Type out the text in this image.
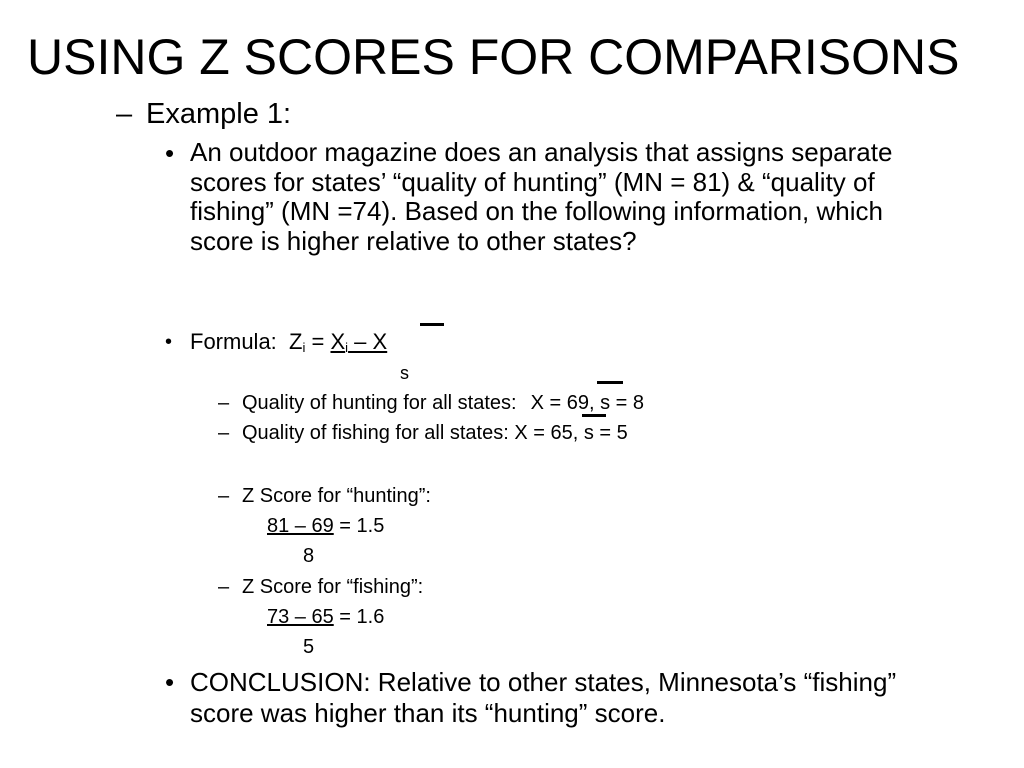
USING Z SCORES FOR COMPARISONS
– Example 1:
• An outdoor magazine does an analysis that assigns separate scores for states’ “quality of hunting” (MN = 81) & “quality of fishing” (MN =74). Based on the following information, which score is higher relative to other states?
• Formula: $Z_i = X_i - X$
s
– Quality of hunting for all states: X = 69, s = 8
– Quality of fishing for all states: X = 65, s = 5
– Z Score for “hunting”:
81 – 69 = 1.5
8
– Z Score for “fishing”:
73 – 65 = 1.6
5
• CONCLUSION: Relative to other states, Minnesota’s “fishing” score was higher than its “hunting” score.
